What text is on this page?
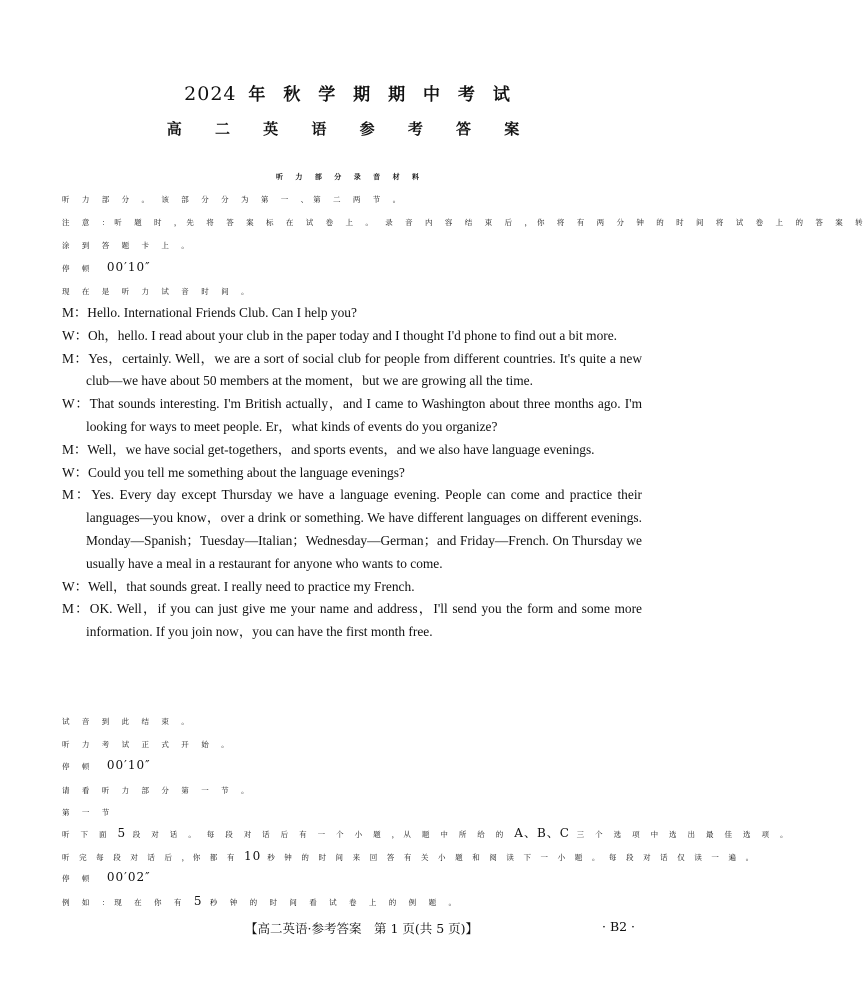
2024 年 秋 学 期 期 中 考 试
高 二 英 语 参 考 答 案
听 力 部 分 录 音 材 料
听 力 部 分 。 该 部 分 分 为 第 一 、第 二 两 节 。
注 意 ：听 题 时 ，先 将 答 案 标 在 试 卷 上 。 录 音 内 容 结 束 后 ，你 将 有 两 分 钟 的 时 间 将 试 卷 上 的 答 案 转
涂 到 答 题 卡 上 。
停 顿　 00′10″
现 在 是 听 力 试 音 时 间 。

M：Hello. International Friends Club. Can I help you?

W：Oh，hello. I read about your club in the paper today and I thought I'd phone to find out a bit more.

M：Yes，certainly. Well，we are a sort of social club for people from different countries. It's quite a new club—we have about 50 members at the moment，but we are growing all the time.

W：That sounds interesting. I'm British actually，and I came to Washington about three months ago. I'm looking for ways to meet people. Er，what kinds of events do you organize?

M：Well，we have social get-togethers，and sports events，and we also have language evenings.

W：Could you tell me something about the language evenings?

M：Yes. Every day except Thursday we have a language evening. People can come and practice their languages—you know，over a drink or something. We have different languages on different evenings. Monday—Spanish；Tuesday—Italian；Wednesday—German；and Friday—French. On Thursday we usually have a meal in a restaurant for anyone who wants to come.

W：Well，that sounds great. I really need to practice my French.

M：OK. Well，if you can just give me your name and address，I'll send you the form and some more information. If you join now，you can have the first month free.

试 音 到 此 结 束 。
听 力 考 试 正 式 开 始 。
停 顿　 00′10″
请 看 听 力 部 分 第 一 节 。
第 一 节
听 下 面 5 段 对 话 。 每 段 对 话 后 有 一 个 小 题 ，从 题 中 所 给 的 A、B、C 三 个 选 项 中 选 出 最 佳 选 项 。
听 完 每 段 对 话 后 ，你 都 有 10 秒 钟 的 时 间 来 回 答 有 关 小 题 和 阅 读 下 一 小 题 。 每 段 对 话 仅 读 一 遍 。
停 顿　 00′02″
例 如 ：现 在 你 有 5 秒 钟 的 时 间 看 试 卷 上 的 例 题 。
【高二英语·参考答案　第 1 页(共 5 页)】	· B2 ·
